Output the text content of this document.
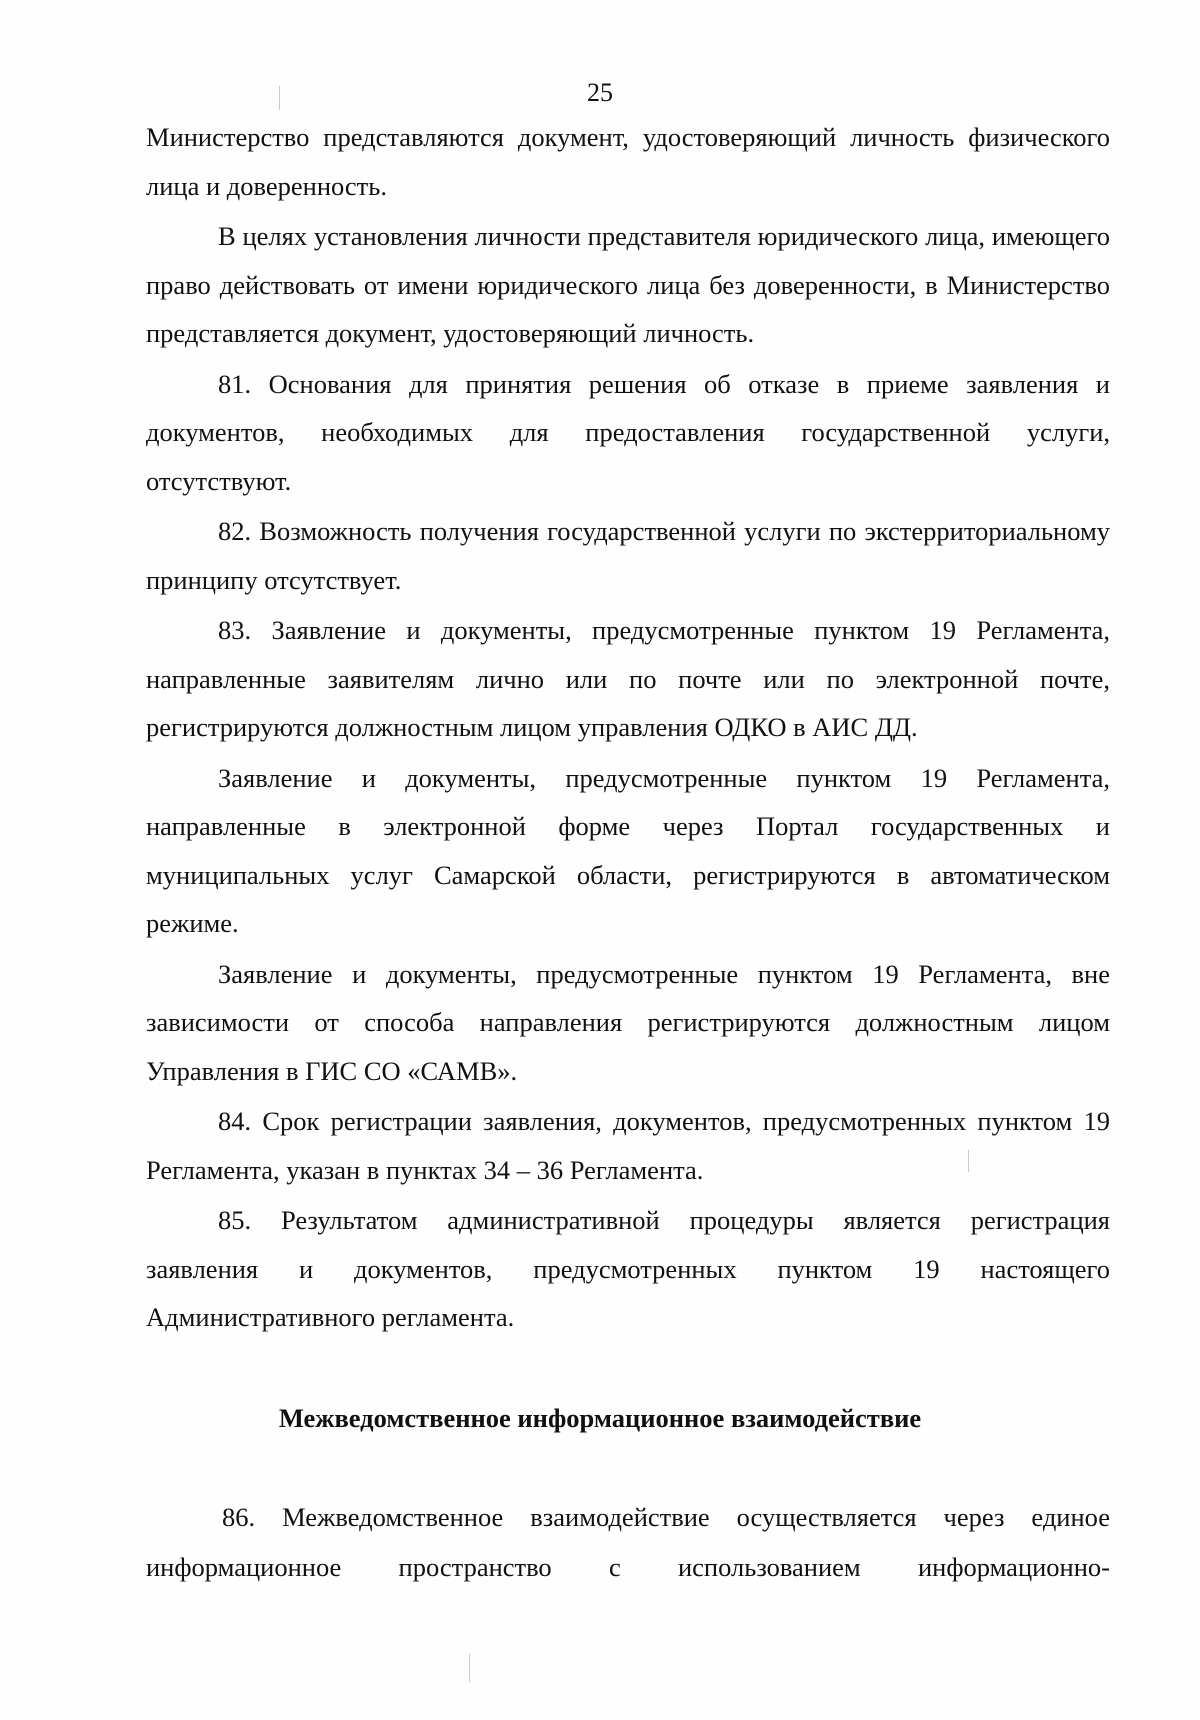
25

Министерство представляются документ, удостоверяющий личность физического лица и доверенность.

В целях установления личности представителя юридического лица, имеющего право действовать от имени юридического лица без доверенности, в Министерство представляется документ, удостоверяющий личность.

81. Основания для принятия решения об отказе в приеме заявления и документов, необходимых для предоставления государственной услуги, отсутствуют.

82. Возможность получения государственной услуги по экстерриториальному принципу отсутствует.

83. Заявление и документы, предусмотренные пунктом 19 Регламента, направленные заявителям лично или по почте или по электронной почте, регистрируются должностным лицом управления ОДКО в АИС ДД.

Заявление и документы, предусмотренные пунктом 19 Регламента, направленные в электронной форме через Портал государственных и муниципальных услуг Самарской области, регистрируются в автоматическом режиме.

Заявление и документы, предусмотренные пунктом 19 Регламента, вне зависимости от способа направления регистрируются должностным лицом Управления в ГИС СО «САМВ».

84. Срок регистрации заявления, документов, предусмотренных пунктом 19 Регламента, указан в пунктах 34 – 36 Регламента.

85. Результатом административной процедуры является регистрация заявления и документов, предусмотренных пунктом 19 настоящего Административного регламента.

Межведомственное информационное взаимодействие

86. Межведомственное взаимодействие осуществляется через единое информационное пространство с использованием информационно-
